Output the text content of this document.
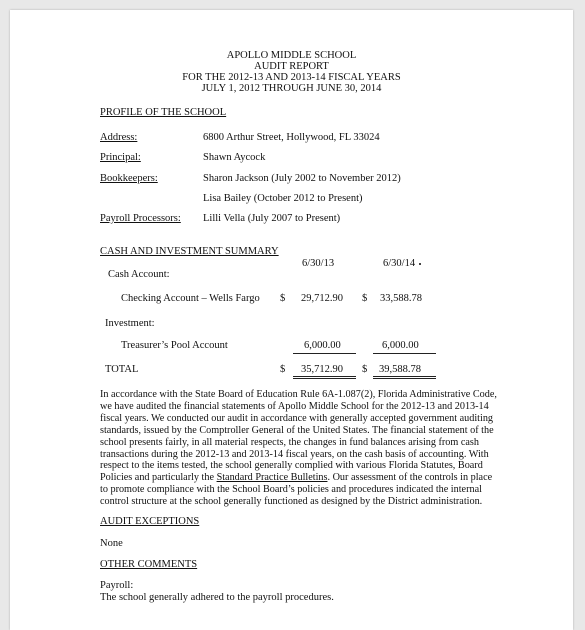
APOLLO MIDDLE SCHOOL
AUDIT REPORT
FOR THE 2012-13 AND 2013-14 FISCAL YEARS
JULY 1, 2012 THROUGH JUNE 30, 2014
PROFILE OF THE SCHOOL
Address:	6800 Arthur Street, Hollywood, FL 33024
Principal:	Shawn Aycock
Bookkeepers:	Sharon Jackson (July 2002 to November 2012)
Lisa Bailey (October 2012 to Present)
Payroll Processors: Lilli Vella (July 2007 to Present)
CASH AND INVESTMENT SUMMARY
6/30/13	6/30/14
Cash Account:
Checking Account – Wells Fargo $ 29,712.90 $ 33,588.78
Investment:
Treasurer’s Pool Account	6,000.00	6,000.00
TOTAL	$ 35,712.90 $ 39,588.78
In accordance with the State Board of Education Rule 6A-1.087(2), Florida Administrative Code,
we have audited the financial statements of Apollo Middle School for the 2012-13 and 2013-14
fiscal years. We conducted our audit in accordance with generally accepted government auditing
standards, issued by the Comptroller General of the United States. The financial statement of the
school presents fairly, in all material respects, the changes in fund balances arising from cash
transactions during the 2012-13 and 2013-14 fiscal years, on the cash basis of accounting. With
respect to the items tested, the school generally complied with various Florida Statutes, Board
Policies and particularly the Standard Practice Bulletins. Our assessment of the controls in place
to promote compliance with the School Board’s policies and procedures indicated the internal
control structure at the school generally functioned as designed by the District administration.
AUDIT EXCEPTIONS
None
OTHER COMMENTS
Payroll:
The school generally adhered to the payroll procedures.
